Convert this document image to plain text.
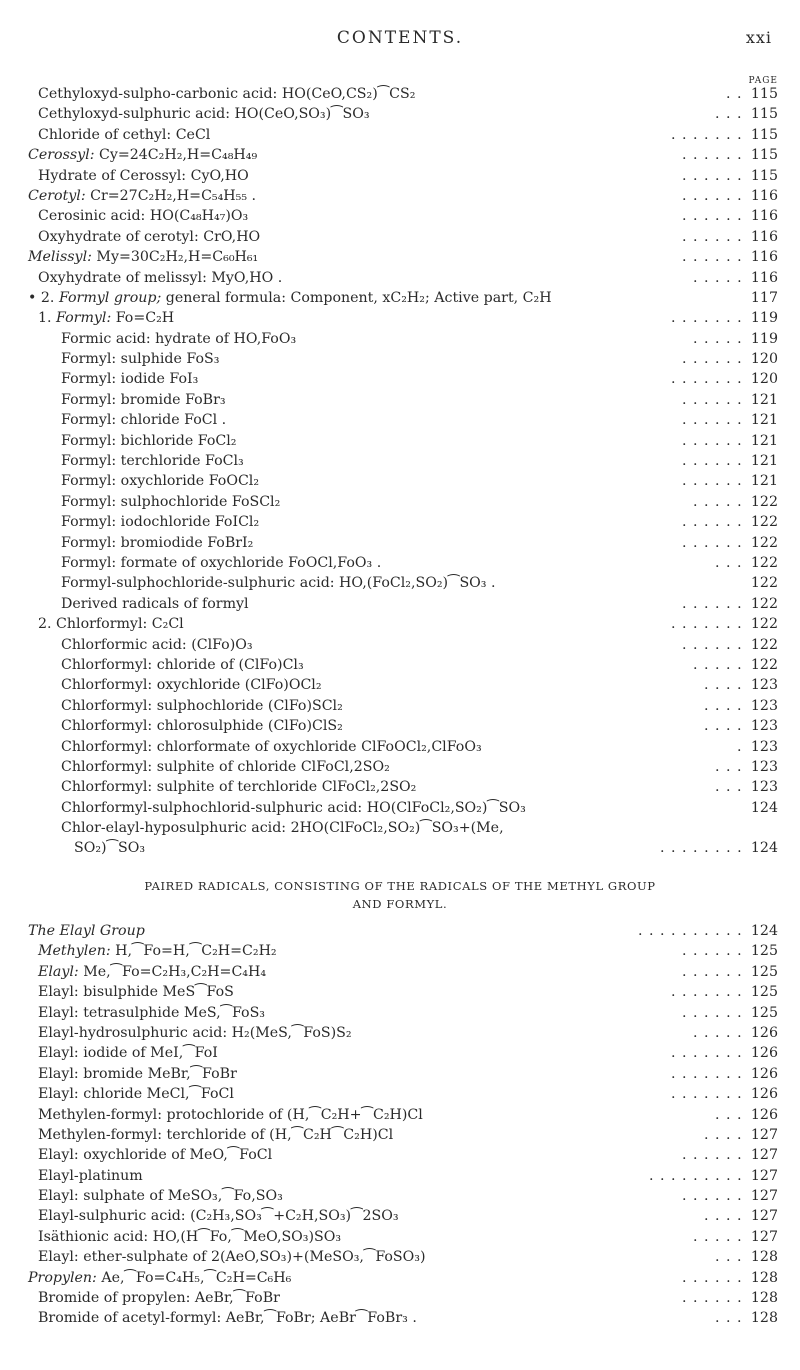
CONTENTS.	xxi
PAGE
Cethyloxyd-sulpho-carbonic acid: HO(CeO,CS₂)⁀CS₂	. . 115
Cethyloxyd-sulphuric acid: HO(CeO,SO₃)⁀SO₃	. . . 115
Chloride of cethyl: CeCl	. . . . . . . 115
Cerossyl: Cy=24C₂H₂,H=C₄₈H₄₉	. . . . . . 115
Hydrate of Cerossyl: CyO,HO	. . . . . . 115
Cerotyl: Cr=27C₂H₂,H=C₅₄H₅₅ .	. . . . . . 116
Cerosinic acid: HO(C₄₈H₄₇)O₃	. . . . . . 116
Oxyhydrate of cerotyl: CrO,HO	. . . . . . 116
Melissyl: My=30C₂H₂,H=C₆₀H₆₁	. . . . . . 116
Oxyhydrate of melissyl: MyO,HO .	. . . . . 116
• 2. Formyl group; general formula: Component, xC₂H₂; Active part, C₂H	117
1. Formyl: Fo=C₂H	. . . . . . . 119
Formic acid: hydrate of HO,FoO₃	. . . . . 119
Formyl: sulphide FoS₃	. . . . . . 120
Formyl: iodide FoI₃	. . . . . . . 120
Formyl: bromide FoBr₃	. . . . . . 121
Formyl: chloride FoCl .	. . . . . . 121
Formyl: bichloride FoCl₂	. . . . . . 121
Formyl: terchloride FoCl₃	. . . . . . 121
Formyl: oxychloride FoOCl₂	. . . . . . 121
Formyl: sulphochloride FoSCl₂	. . . . . 122
Formyl: iodochloride FoICl₂	. . . . . . 122
Formyl: bromiodide FoBrI₂	. . . . . . 122
Formyl: formate of oxychloride FoOCl,FoO₃ .	. . . 122
Formyl-sulphochloride-sulphuric acid: HO,(FoCl₂,SO₂)⁀SO₃ .	122
Derived radicals of formyl	. . . . . . 122
2. Chlorformyl: C₂Cl	. . . . . . . 122
Chlorformic acid: (ClFo)O₃	. . . . . . 122
Chlorformyl: chloride of (ClFo)Cl₃	. . . . . 122
Chlorformyl: oxychloride (ClFo)OCl₂	. . . . 123
Chlorformyl: sulphochloride (ClFo)SCl₂	. . . . 123
Chlorformyl: chlorosulphide (ClFo)ClS₂	. . . . 123
Chlorformyl: chlorformate of oxychloride ClFoOCl₂,ClFoO₃	. 123
Chlorformyl: sulphite of chloride ClFoCl,2SO₂	. . . 123
Chlorformyl: sulphite of terchloride ClFoCl₂,2SO₂	. . . 123
Chlorformyl-sulphochlorid-sulphuric acid: HO(ClFoCl₂,SO₂)⁀SO₃	124
Chlor-elayl-hyposulphuric acid: 2HO(ClFoCl₂,SO₂)⁀SO₃+(Me,
SO₂)⁀SO₃	. . . . . . . . 124
PAIRED RADICALS, CONSISTING OF THE RADICALS OF THE METHYL GROUP
AND FORMYL.
The Elayl Group	. . . . . . . . . . 124
Methylen: H,⁀Fo=H,⁀C₂H=C₂H₂	. . . . . . 125
Elayl: Me,⁀Fo=C₂H₃,C₂H=C₄H₄	. . . . . . 125
Elayl: bisulphide MeS⁀FoS	. . . . . . . 125
Elayl: tetrasulphide MeS,⁀FoS₃	. . . . . . 125
Elayl-hydrosulphuric acid: H₂(MeS,⁀FoS)S₂	. . . . . 126
Elayl: iodide of MeI,⁀FoI	. . . . . . . 126
Elayl: bromide MeBr,⁀FoBr	. . . . . . . 126
Elayl: chloride MeCl,⁀FoCl	. . . . . . . 126
Methylen-formyl: protochloride of (H,⁀C₂H+⁀C₂H)Cl	. . . 126
Methylen-formyl: terchloride of (H,⁀C₂H⁀C₂H)Cl	. . . . 127
Elayl: oxychloride of MeO,⁀FoCl	. . . . . . 127
Elayl-platinum	. . . . . . . . . 127
Elayl: sulphate of MeSO₃,⁀Fo,SO₃	. . . . . . 127
Elayl-sulphuric acid: (C₂H₃,SO₃⁀+C₂H,SO₃)⁀2SO₃	. . . . 127
Isäthionic acid: HO,(H⁀Fo,⁀MeO,SO₃)SO₃	. . . . . 127
Elayl: ether-sulphate of 2(AeO,SO₃)+(MeSO₃,⁀FoSO₃)	. . . 128
Propylen: Ae,⁀Fo=C₄H₅,⁀C₂H=C₆H₆	. . . . . . 128
Bromide of propylen: AeBr,⁀FoBr	. . . . . . 128
Bromide of acetyl-formyl: AeBr,⁀FoBr; AeBr⁀FoBr₃ .	. . . 128
